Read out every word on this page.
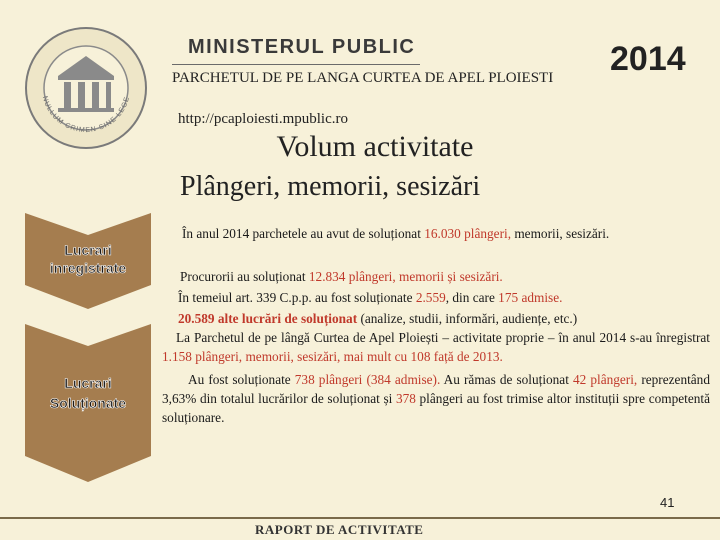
NULLUM CRIMEN SINE LEGE
MINISTERUL PUBLIC
PARCHETUL DE PE LANGA CURTEA DE APEL PLOIESTI 2014
http://pcaploiesti.mpublic.ro
Volum activitate
Plângeri, memorii, sesizări
Lucrari
inregistrate
Lucrari
Soluționate

În anul 2014 parchetele au avut de soluționat 16.030 plângeri, memorii, sesizări.

Procurorii au soluționat 12.834 plângeri, memorii și sesizări.

În temeiul art. 339 C.p.p. au fost soluționate 2.559, din care 175 admise.

20.589 alte lucrări de soluționat (analize, studii, informări, audiențe, etc.)

La Parchetul de pe lângă Curtea de Apel Ploiești – activitate proprie – în anul 2014 s-au înregistrat 1.158 plângeri, memorii, sesizări, mai mult cu 108 față de 2013.

Au fost soluționate 738 plângeri (384 admise). Au rămas de soluționat 42 plângeri, reprezentând 3,63% din totalul lucrărilor de soluționat și 378 plângeri au fost trimise altor instituții spre competentă soluționare.

41
RAPORT DE ACTIVITATE
